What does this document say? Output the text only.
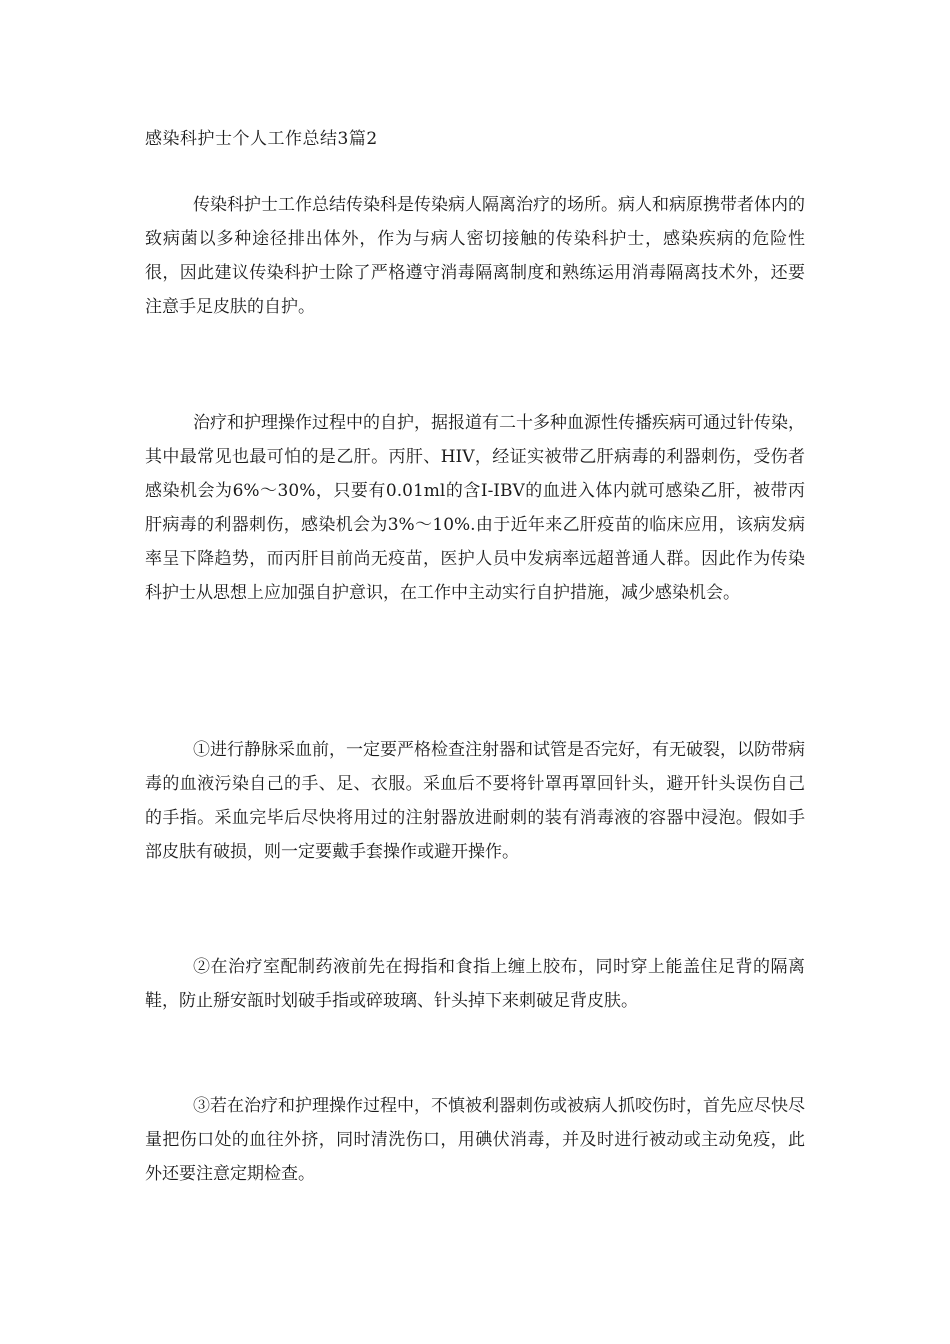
感染科护士个人工作总结3篇2

传染科护士工作总结传染科是传染病人隔离治疗的场所。病人和病原携带者体内的致病菌以多种途径排出体外，作为与病人密切接触的传染科护士，感染疾病的危险性很，因此建议传染科护士除了严格遵守消毒隔离制度和熟练运用消毒隔离技术外，还要注意手足皮肤的自护。

治疗和护理操作过程中的自护，据报道有二十多种血源性传播疾病可通过针传染，其中最常见也最可怕的是乙肝。丙肝、HIV，经证实被带乙肝病毒的利器刺伤，受伤者感染机会为6%～30%，只要有0.01ml的含I-IBV的血进入体内就可感染乙肝，被带丙肝病毒的利器刺伤，感染机会为3%～10%.由于近年来乙肝疫苗的临床应用，该病发病率呈下降趋势，而丙肝目前尚无疫苗，医护人员中发病率远超普通人群。因此作为传染科护士从思想上应加强自护意识，在工作中主动实行自护措施，减少感染机会。

①进行静脉采血前，一定要严格检查注射器和试管是否完好，有无破裂，以防带病毒的血液污染自己的手、足、衣服。采血后不要将针罩再罩回针头，避开针头误伤自己的手指。采血完毕后尽快将用过的注射器放进耐刺的装有消毒液的容器中浸泡。假如手部皮肤有破损，则一定要戴手套操作或避开操作。

②在治疗室配制药液前先在拇指和食指上缠上胶布，同时穿上能盖住足背的隔离鞋，防止掰安瓿时划破手指或碎玻璃、针头掉下来刺破足背皮肤。

③若在治疗和护理操作过程中，不慎被利器刺伤或被病人抓咬伤时，首先应尽快尽量把伤口处的血往外挤，同时清洗伤口，用碘伏消毒，并及时进行被动或主动免疫，此外还要注意定期检查。
